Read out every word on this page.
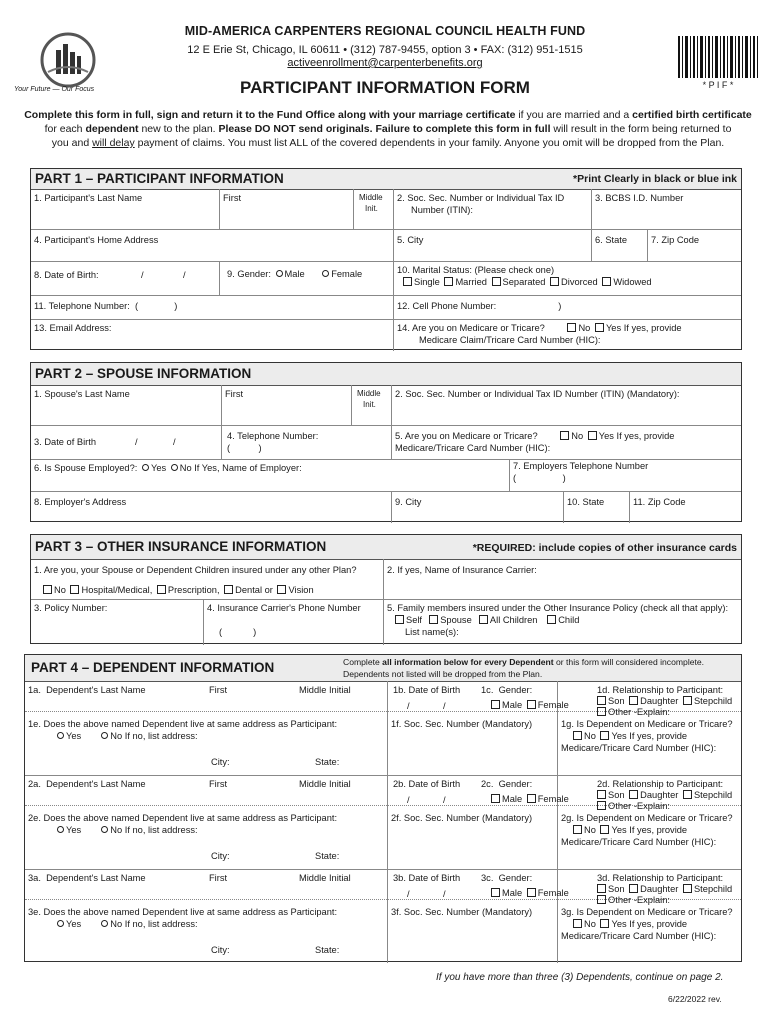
Your Future — Our Focus
MID-AMERICA CARPENTERS REGIONAL COUNCIL HEALTH FUND
12 E Erie St, Chicago, IL 60611 • (312) 787-9455, option 3 • FAX: (312) 951-1515
activeenrollment@carpenterbenefits.org
PARTICIPANT INFORMATION FORM	* P I F *
Complete this form in full, sign and return it to the Fund Office along with your marriage certificate if you are married and a certified birth certificate
for each dependent new to the plan. Please DO NOT send originals. Failure to complete this form in full will result in the form being returned to
you and will delay payment of claims. You must list ALL of the covered dependents in your family. Anyone you omit will be dropped from the Plan.
PART 1 – PARTICIPANT INFORMATION	*Print Clearly in black or blue ink
1. Participant's Last Name	First	Middle
Init.
2. Soc. Sec. Number or Individual Tax ID
Number (ITIN):
3. BCBS I.D. Number
4. Participant's Home Address	5. City	6. State	7. Zip Code
8. Date of Birth:	/	/	9. Gender: Male	Female	10. Marital Status: (Please check one)
Single Married Separated Divorced Widowed
11. Telephone Number: (	)	12. Cell Phone Number:	)
13. Email Address:	14. Are you on Medicare or Tricare?	No Yes If yes, provide
Medicare Claim/Tricare Card Number (HIC):
PART 2 – SPOUSE INFORMATION
1. Spouse's Last Name	First	Middle
Init.
2. Soc. Sec. Number or Individual Tax ID Number (ITIN) (Mandatory):
3. Date of Birth	/	/
4. Telephone Number:
(	)
5. Are you on Medicare or Tricare?	No Yes If yes, provide
Medicare/Tricare Card Number (HIC):
6. Is Spouse Employed?: Yes No If Yes, Name of Employer:	7. Employers Telephone Number
(	)
8. Employer's Address	9. City	10. State	11. Zip Code
PART 3 – OTHER INSURANCE INFORMATION	*REQUIRED: include copies of other insurance cards
1. Are you, your Spouse or Dependent Children insured under any other Plan?	2. If yes, Name of Insurance Carrier:
No Hospital/Medical, Prescription, Dental or Vision
3. Policy Number:	4. Insurance Carrier's Phone Number
(	)
5. Family members insured under the Other Insurance Policy (check all that apply):
Self Spouse All Children Child
List name(s):
PART 4 – DEPENDENT INFORMATION	Complete all information below for every Dependent or this form will considered incomplete.
Dependents not listed will be dropped from the Plan.
1a.  Dependent's Last Name	First	Middle Initial	1b. Date of Birth 1c.  Gender:
/	/	Male Female
1d. Relationship to Participant:
Son Daughter Stepchild
Other -Explain:
1e. Does the above named Dependent live at same address as Participant:
Yes	No If no, list address:
City:	State:
1f. Soc. Sec. Number (Mandatory)	1g. Is Dependent on Medicare or Tricare?
No Yes If yes, provide
Medicare/Tricare Card Number (HIC):
2a.  Dependent's Last Name	First	Middle Initial	2b. Date of Birth 2c.  Gender:
/	/	Male Female
2d. Relationship to Participant:
Son Daughter Stepchild
Other -Explain:
2e. Does the above named Dependent live at same address as Participant:
Yes	No If no, list address:
City:	State:
2f. Soc. Sec. Number (Mandatory)	2g. Is Dependent on Medicare or Tricare?
No Yes If yes, provide
Medicare/Tricare Card Number (HIC):
3a.  Dependent's Last Name	First	Middle Initial	3b. Date of Birth 3c.  Gender:
/	/	Male Female
3d. Relationship to Participant:
Son Daughter Stepchild
Other -Explain:
3e. Does the above named Dependent live at same address as Participant:
Yes	No If no, list address:
City:	State:
3f. Soc. Sec. Number (Mandatory)	3g. Is Dependent on Medicare or Tricare?
No Yes If yes, provide
Medicare/Tricare Card Number (HIC):
If you have more than three (3) Dependents, continue on page 2.
6/22/2022 rev.
